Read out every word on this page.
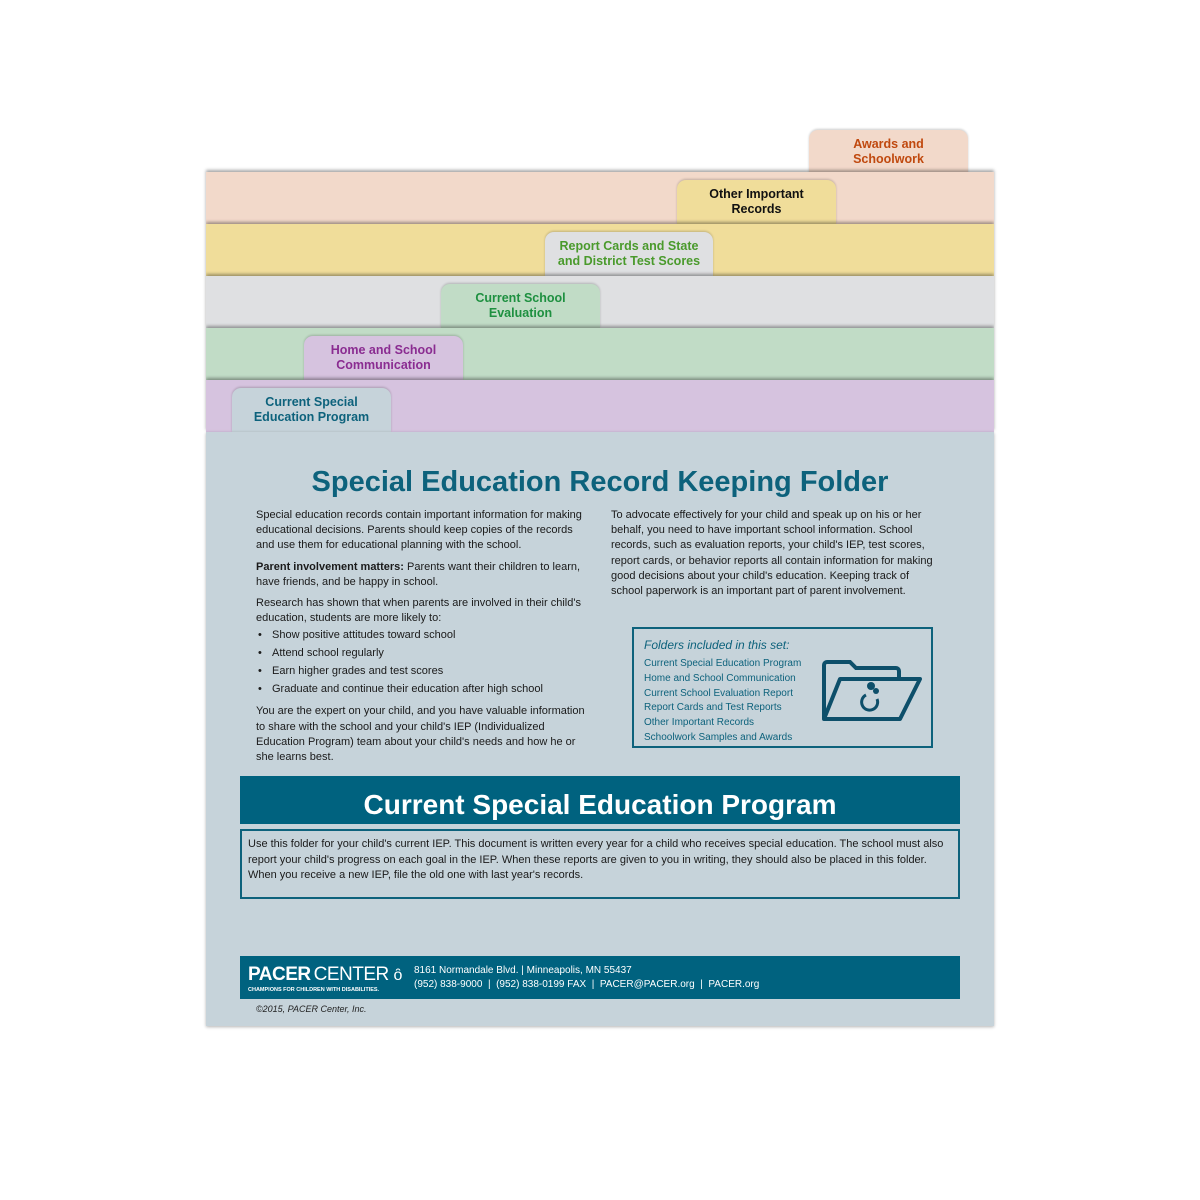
Awards and Schoolwork
Other Important Records
Report Cards and State and District Test Scores
Current School Evaluation
Home and School Communication
Current Special Education Program
Special Education Record Keeping Folder

Special education records contain important information for making educational decisions. Parents should keep copies of the records and use them for educational planning with the school.

Parent involvement matters: Parents want their children to learn, have friends, and be happy in school.

Research has shown that when parents are involved in their child's education, students are more likely to:

• Show positive attitudes toward school
• Attend school regularly
• Earn higher grades and test scores
• Graduate and continue their education after high school

You are the expert on your child, and you have valuable information to share with the school and your child's IEP (Individualized Education Program) team about your child's needs and how he or she learns best.

To advocate effectively for your child and speak up on his or her behalf, you need to have important school information. School records, such as evaluation reports, your child's IEP, test scores, report cards, or behavior reports all contain information for making good decisions about your child's education. Keeping track of school paperwork is an important part of parent involvement.

Folders included in this set:
Current Special Education Program
Home and School Communication
Current School Evaluation Report
Report Cards and Test Reports
Other Important Records
Schoolwork Samples and Awards
Current Special Education Program
Use this folder for your child's current IEP. This document is written every year for a child who receives special education. The school must also report your child's progress on each goal in the IEP. When these reports are given to you in writing, they should also be placed in this folder. When you receive a new IEP, file the old one with last year's records.
PACER CENTER ȏ
CHAMPIONS FOR CHILDREN WITH DISABILITIES.
8161 Normandale Blvd. | Minneapolis, MN 55437
(952) 838-9000  |  (952) 838-0199 FAX  |  PACER@PACER.org  |  PACER.org
©2015, PACER Center, Inc.
